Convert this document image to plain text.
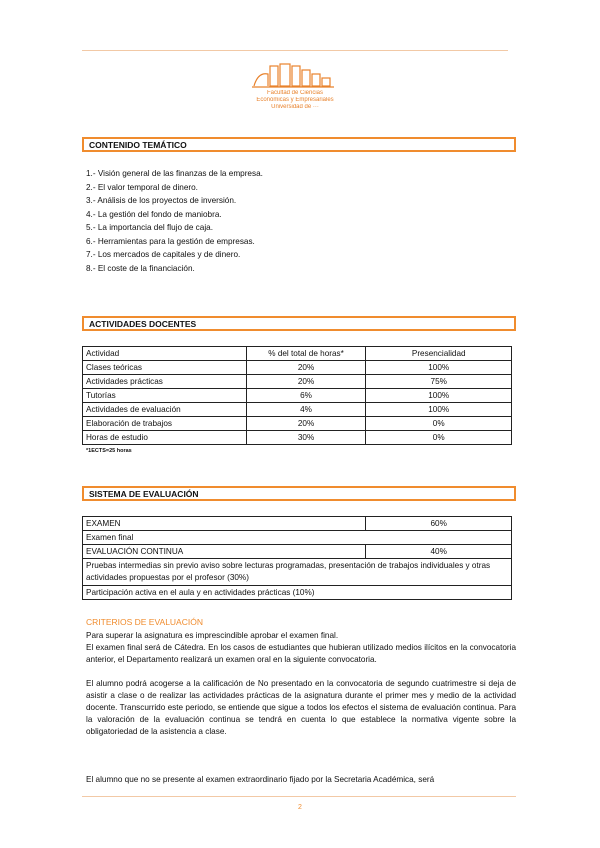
Facultad de Ciencias
Económicas y Empresariales
Universidad de ···
CONTENIDO TEMÁTICO
1.- Visión general de las finanzas de la empresa.
2.- El valor temporal de dinero.
3.- Análisis de los proyectos de inversión.
4.- La gestión del fondo de maniobra.
5.- La importancia del flujo de caja.
6.- Herramientas para la gestión de empresas.
7.- Los mercados de capitales y de dinero.
8.- El coste de la financiación.
ACTIVIDADES DOCENTES
Actividad	% del total de horas*	Presencialidad
Clases teóricas	20%	100%
Actividades prácticas	20%	75%
Tutorías	6%	100%
Actividades de evaluación	4%	100%
Elaboración de trabajos	20%	0%
Horas de estudio	30%	0%
*1ECTS=25 horas
SISTEMA DE EVALUACIÓN
EXAMEN	60%
Examen final	
EVALUACIÓN CONTINUA	40%
Pruebas intermedias sin previo aviso sobre lecturas programadas, presentación de trabajos individuales y otras actividades propuestas por el profesor (30%)	
Participación activa en el aula y en actividades prácticas (10%)	
CRITERIOS DE EVALUACIÓN
Para superar la asignatura es imprescindible aprobar el examen final.
El examen final será de Cátedra. En los casos de estudiantes que hubieran utilizado medios ilícitos en la convocatoria anterior, el Departamento realizará un examen oral en la siguiente convocatoria.
El alumno podrá acogerse a la calificación de No presentado en la convocatoria de segundo cuatrimestre si deja de asistir a clase o de realizar las actividades prácticas de la asignatura durante el primer mes y medio de la actividad docente. Transcurrido este periodo, se entiende que sigue a todos los efectos el sistema de evaluación continua. Para la valoración de la evaluación continua se tendrá en cuenta lo que establece la normativa vigente sobre la obligatoriedad de la asistencia a clase.
El alumno que no se presente al examen extraordinario fijado por la Secretaria Académica, será
2
